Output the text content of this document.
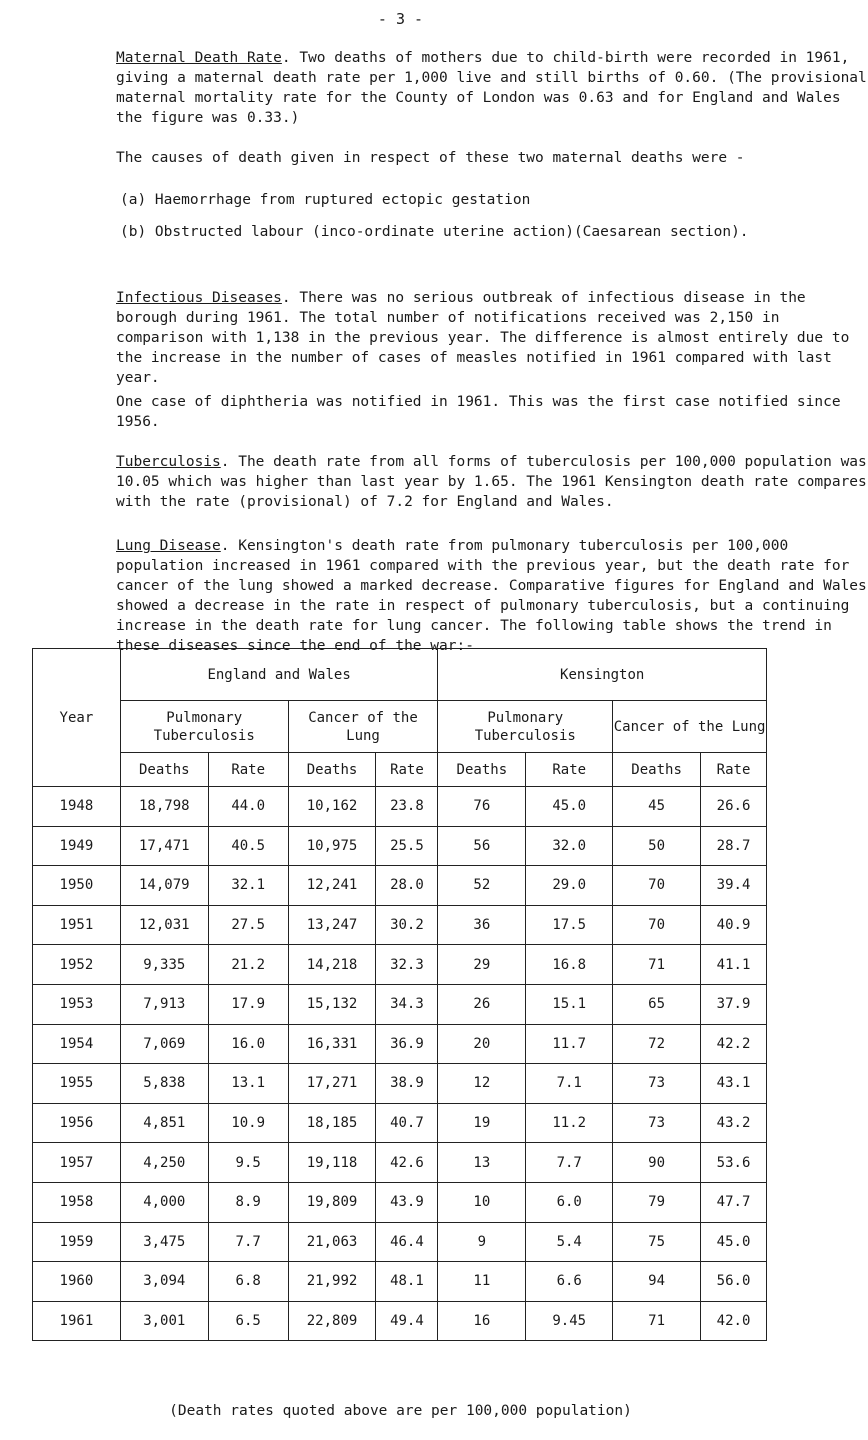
- 3 -
Maternal Death Rate. Two deaths of mothers due to child-birth were recorded in 1961, giving a maternal death rate per 1,000 live and still births of 0.60. (The provisional maternal mortality rate for the County of London was 0.63 and for England and Wales the figure was 0.33.)
The causes of death given in respect of these two maternal deaths were -
(a) Haemorrhage from ruptured ectopic gestation
(b) Obstructed labour (inco-ordinate uterine action)(Caesarean section).
Infectious Diseases. There was no serious outbreak of infectious disease in the borough during 1961. The total number of notifications received was 2,150 in comparison with 1,138 in the previous year. The difference is almost entirely due to the increase in the number of cases of measles notified in 1961 compared with last year.
One case of diphtheria was notified in 1961. This was the first case notified since 1956.
Tuberculosis. The death rate from all forms of tuberculosis per 100,000 population was 10.05 which was higher than last year by 1.65. The 1961 Kensington death rate compares with the rate (provisional) of 7.2 for England and Wales.
Lung Disease. Kensington's death rate from pulmonary tuberculosis per 100,000 population increased in 1961 compared with the previous year, but the death rate for cancer of the lung showed a marked decrease. Comparative figures for England and Wales showed a decrease in the rate in respect of pulmonary tuberculosis, but a continuing increase in the death rate for lung cancer. The following table shows the trend in these diseases since the end of the war:-
Year	England and Wales				Kensington			
	Pulmonary Tuberculosis		Cancer of the Lung		Pulmonary Tuberculosis		Cancer of the Lung	
	Deaths	Rate	Deaths	Rate	Deaths	Rate	Deaths	Rate
1948	18,798	44.0	10,162	23.8	76	45.0	45	26.6
1949	17,471	40.5	10,975	25.5	56	32.0	50	28.7
1950	14,079	32.1	12,241	28.0	52	29.0	70	39.4
1951	12,031	27.5	13,247	30.2	36	17.5	70	40.9
1952	9,335	21.2	14,218	32.3	29	16.8	71	41.1
1953	7,913	17.9	15,132	34.3	26	15.1	65	37.9
1954	7,069	16.0	16,331	36.9	20	11.7	72	42.2
1955	5,838	13.1	17,271	38.9	12	7.1	73	43.1
1956	4,851	10.9	18,185	40.7	19	11.2	73	43.2
1957	4,250	9.5	19,118	42.6	13	7.7	90	53.6
1958	4,000	8.9	19,809	43.9	10	6.0	79	47.7
1959	3,475	7.7	21,063	46.4	9	5.4	75	45.0
1960	3,094	6.8	21,992	48.1	11	6.6	94	56.0
1961	3,001	6.5	22,809	49.4	16	9.45	71	42.0
(Death rates quoted above are per 100,000 population)
